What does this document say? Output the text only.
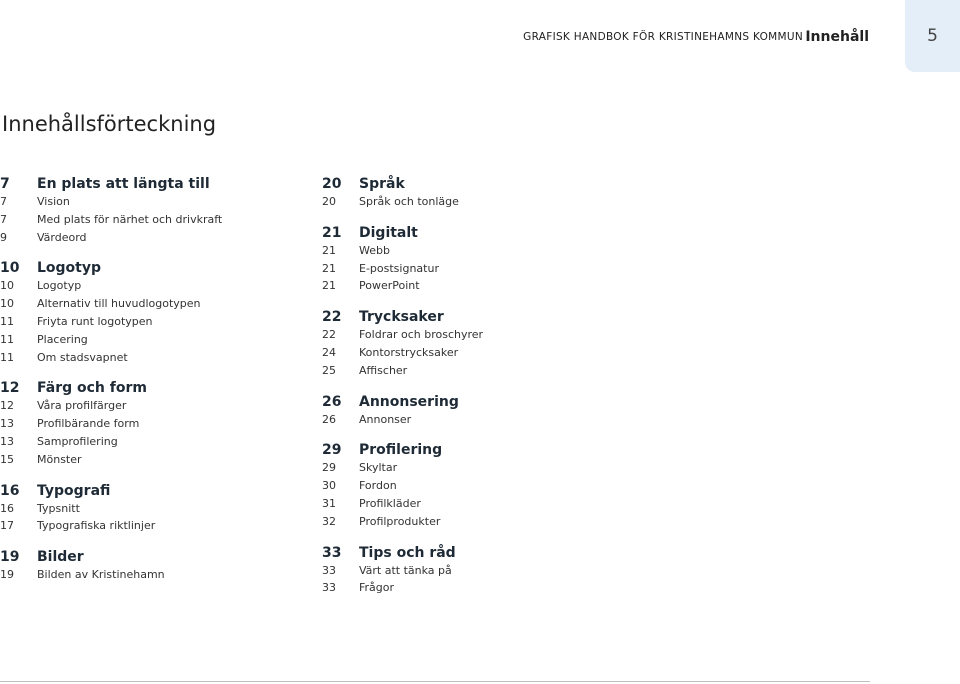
GRAFISK HANDBOK FÖR KRISTINEHAMNS KOMMUN Innehåll	5
Innehållsförteckning
7	En plats att längta till
7	Vision
7	Med plats för närhet och drivkraft
9	Värdeord
10	Logotyp
10	Logotyp
10	Alternativ till huvudlogotypen
11	Friyta runt logotypen
11	Placering
11	Om stadsvapnet
12	Färg och form
12	Våra profilfärger
13	Profilbärande form
13	Samprofilering
15	Mönster
16	Typografi
16	Typsnitt
17	Typografiska riktlinjer
19	Bilder
19	Bilden av Kristinehamn
20	Språk
20	Språk och tonläge
21	Digitalt
21	Webb
21	E-postsignatur
21	PowerPoint
22	Trycksaker
22	Foldrar och broschyrer
24	Kontorstrycksaker
25	Affischer
26	Annonsering
26	Annonser
29	Profilering
29	Skyltar
30	Fordon
31	Profilkläder
32	Profilprodukter
33	Tips och råd
33	Värt att tänka på
33	Frågor
